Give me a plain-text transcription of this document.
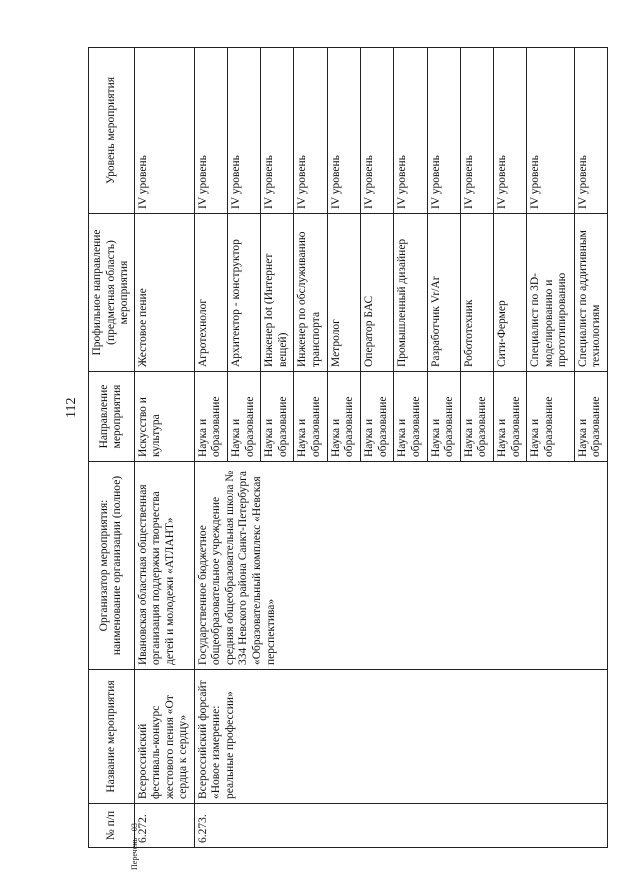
112
Перечень - 03
№ п/п	Название мероприятия	Организатор мероприятия: наименование организации (полное)	Направление мероприятия	Профильное направление (предметная область) мероприятия	Уровень мероприятия
6.272.	Всероссийский фестиваль-конкурс жестового пения «От сердца к сердцу»	Ивановская областная общественная организация поддержки творчества детей и молодежи «АТЛАНТ»	Искусство и культура	Жестовое пение	IV уровень
6.273.	Всероссийский форсайт «Новое измерение: реальные профессии»	Государственное бюджетное общеобразовательное учреждение средняя общеобразовательная школа № 334 Невского района Санкт-Петербурга «Образовательный комплекс «Невская перспектива»	Наука и образование	Агротехнолог	IV уровень
			Наука и образование	Архитектор - конструктор	IV уровень
			Наука и образование	Инженер Iot (Интернет вещей)	IV уровень
			Наука и образование	Инженер по обслуживанию транспорта	IV уровень
			Наука и образование	Метролог	IV уровень
			Наука и образование	Оператор БАС	IV уровень
			Наука и образование	Промышленный дизайнер	IV уровень
			Наука и образование	Разработчик Vr/Ar	IV уровень
			Наука и образование	Робототехник	IV уровень
			Наука и образование	Сити-Фермер	IV уровень
			Наука и образование	Специалист по 3D-моделированию и прототипированию	IV уровень
			Наука и образование	Специалист по аддитивным технологиям	IV уровень
